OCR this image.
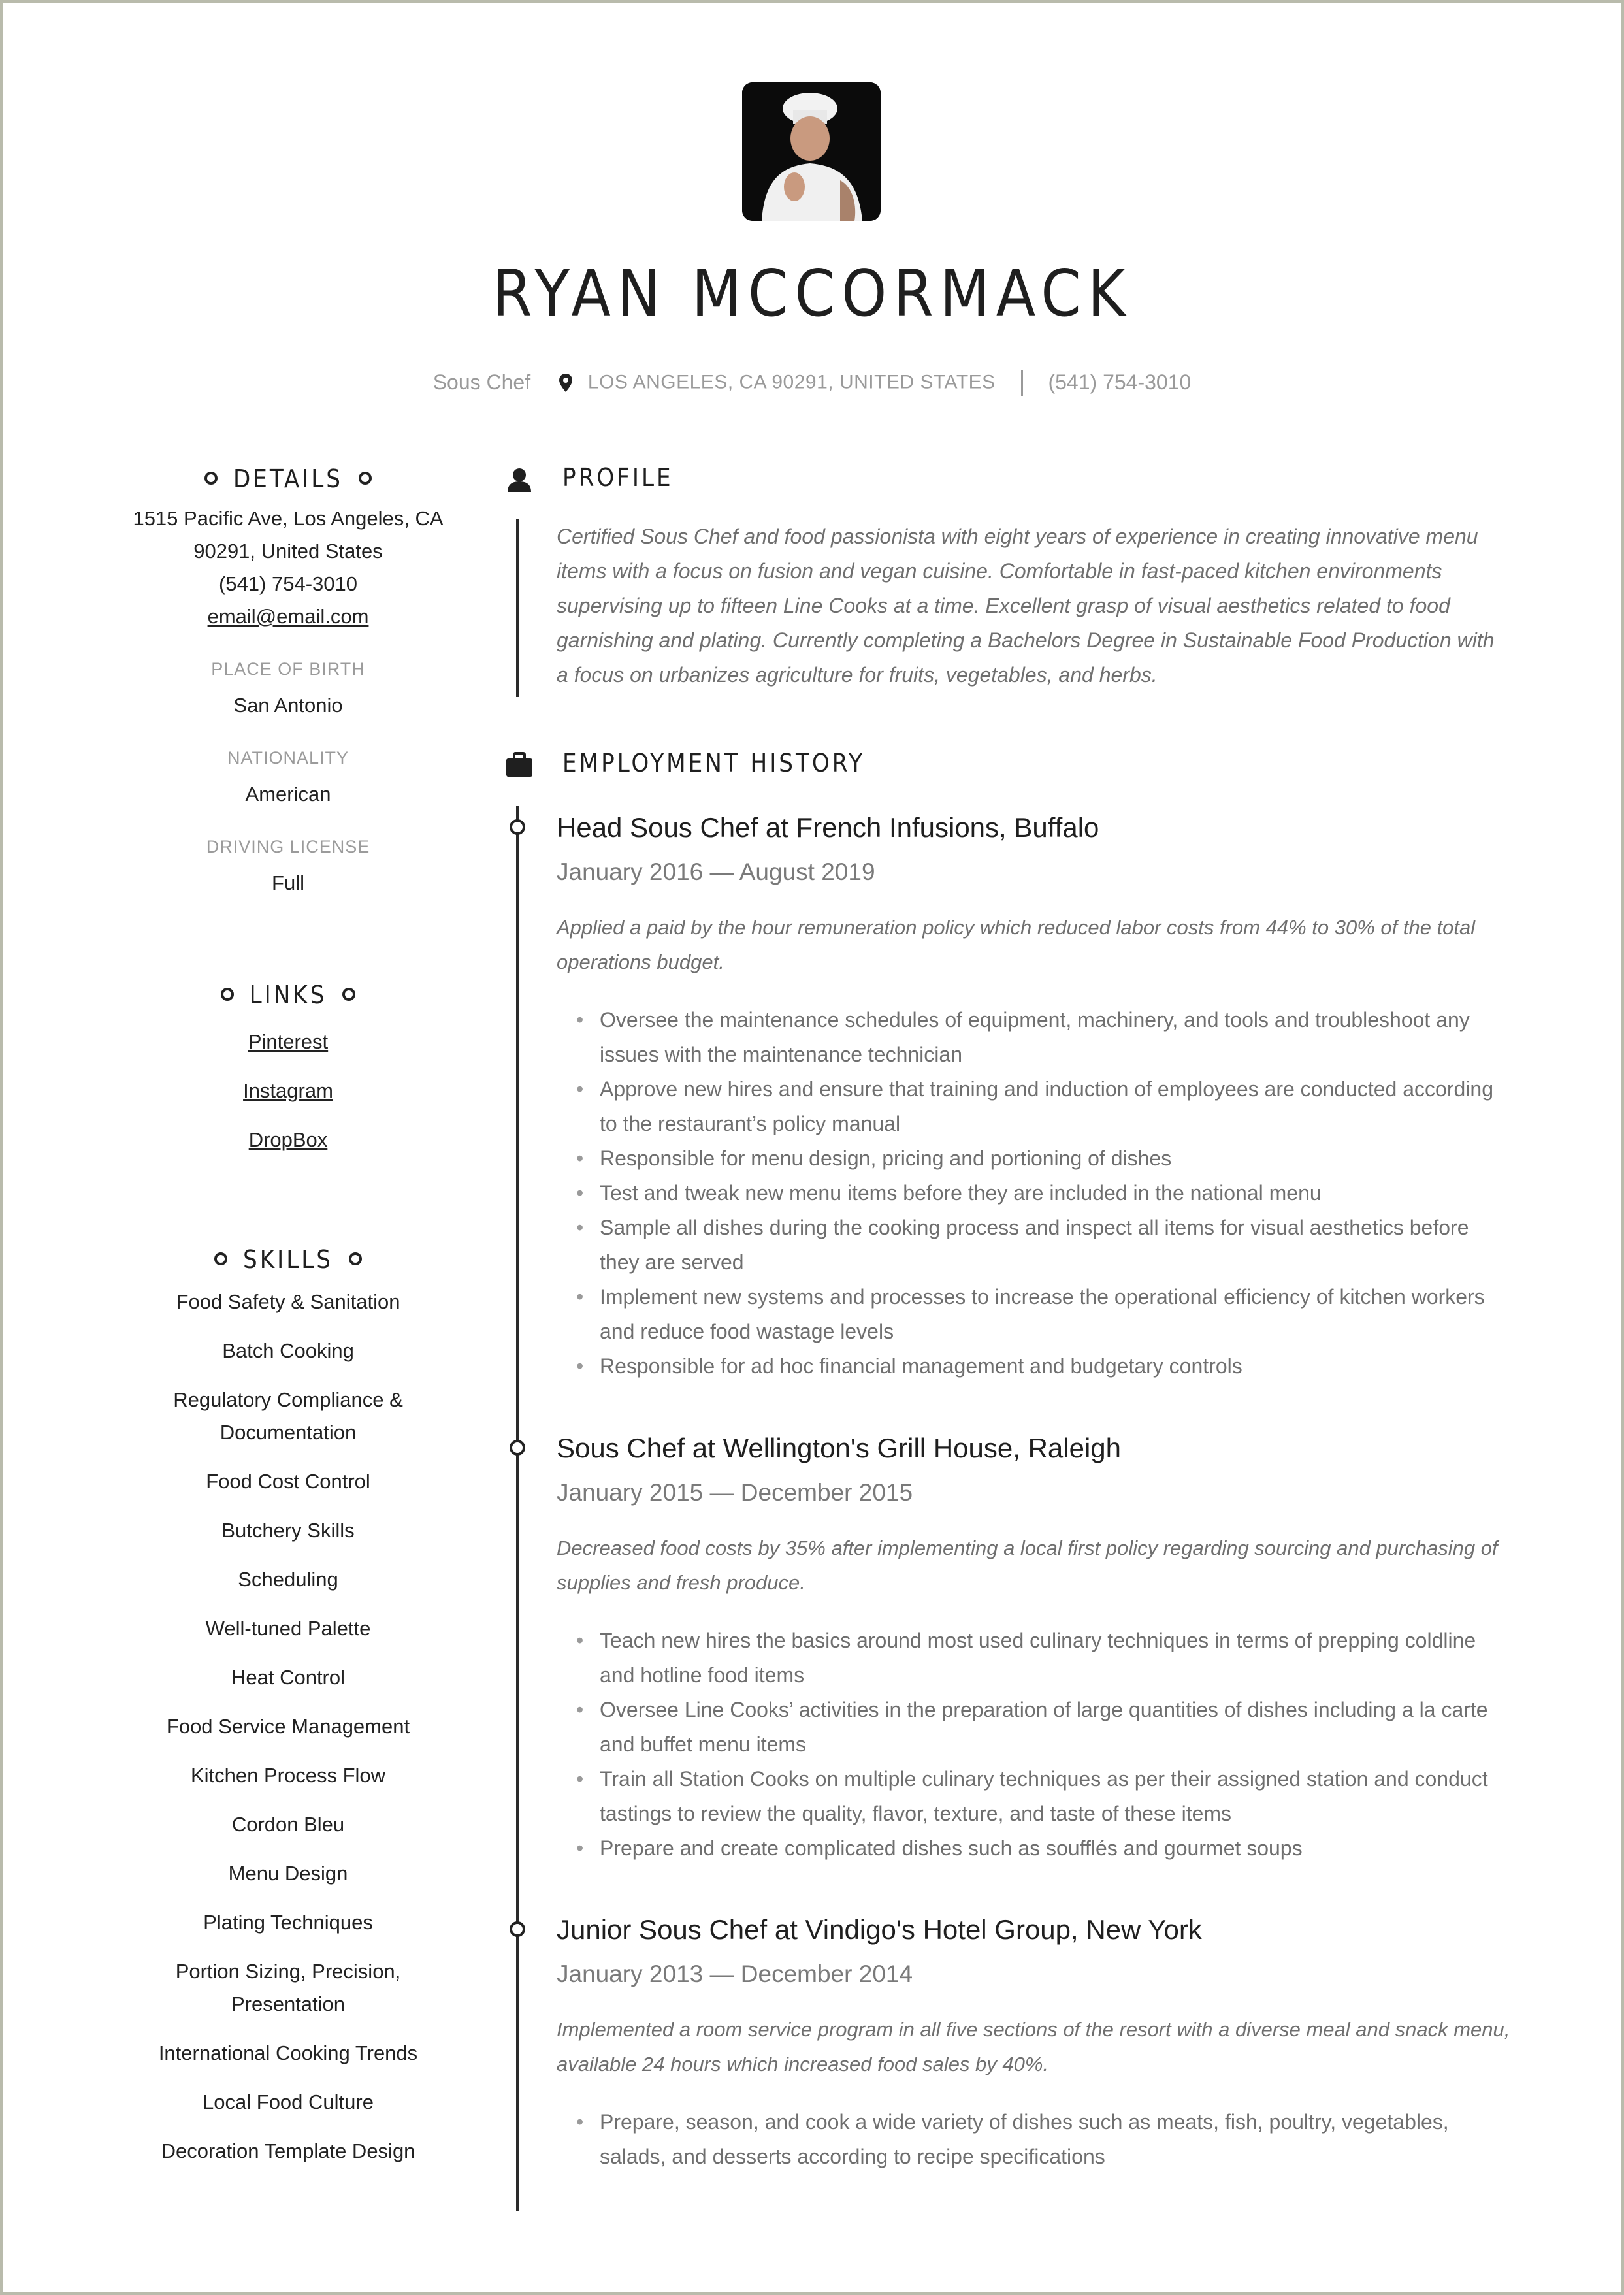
RYAN MCCORMACK
Sous Chef	LOS ANGELES, CA 90291, UNITED STATES	(541) 754-3010
DETAILS
1515 Pacific Ave, Los Angeles, CA
90291, United States
(541) 754-3010
email@email.com
PLACE OF BIRTH
San Antonio
NATIONALITY
American
DRIVING LICENSE
Full
LINKS
Pinterest
Instagram
DropBox
SKILLS
Food Safety & Sanitation
Batch Cooking
Regulatory Compliance & Documentation
Food Cost Control
Butchery Skills
Scheduling
Well-tuned Palette
Heat Control
Food Service Management
Kitchen Process Flow
Cordon Bleu
Menu Design
Plating Techniques
Portion Sizing, Precision, Presentation
International Cooking Trends
Local Food Culture
Decoration Template Design
PROFILE
Certified Sous Chef and food passionista with eight years of experience in creating innovative menu items with a focus on fusion and vegan cuisine. Comfortable in fast-paced kitchen environments supervising up to fifteen Line Cooks at a time. Excellent grasp of visual aesthetics related to food garnishing and plating. Currently completing a Bachelors Degree in Sustainable Food Production with a focus on urbanizes agriculture for fruits, vegetables, and herbs.
EMPLOYMENT HISTORY
Head Sous Chef at French Infusions, Buffalo
January 2016 — August 2019
Applied a paid by the hour remuneration policy which reduced labor costs from 44% to 30% of the total operations budget.
• Oversee the maintenance schedules of equipment, machinery, and tools and troubleshoot any issues with the maintenance technician
• Approve new hires and ensure that training and induction of employees are conducted according to the restaurant’s policy manual
• Responsible for menu design, pricing and portioning of dishes
• Test and tweak new menu items before they are included in the national menu
• Sample all dishes during the cooking process and inspect all items for visual aesthetics before they are served
• Implement new systems and processes to increase the operational efficiency of kitchen workers and reduce food wastage levels
• Responsible for ad hoc financial management and budgetary controls
Sous Chef at Wellington's Grill House, Raleigh
January 2015 — December 2015
Decreased food costs by 35% after implementing a local first policy regarding sourcing and purchasing of supplies and fresh produce.
• Teach new hires the basics around most used culinary techniques in terms of prepping coldline and hotline food items
• Oversee Line Cooks’ activities in the preparation of large quantities of dishes including a la carte and buffet menu items
• Train all Station Cooks on multiple culinary techniques as per their assigned station and conduct tastings to review the quality, flavor, texture, and taste of these items
• Prepare and create complicated dishes such as soufflés and gourmet soups
Junior Sous Chef at Vindigo's Hotel Group, New York
January 2013 — December 2014
Implemented a room service program in all five sections of the resort with a diverse meal and snack menu, available 24 hours which increased food sales by 40%.
• Prepare, season, and cook a wide variety of dishes such as meats, fish, poultry, vegetables, salads, and desserts according to recipe specifications
